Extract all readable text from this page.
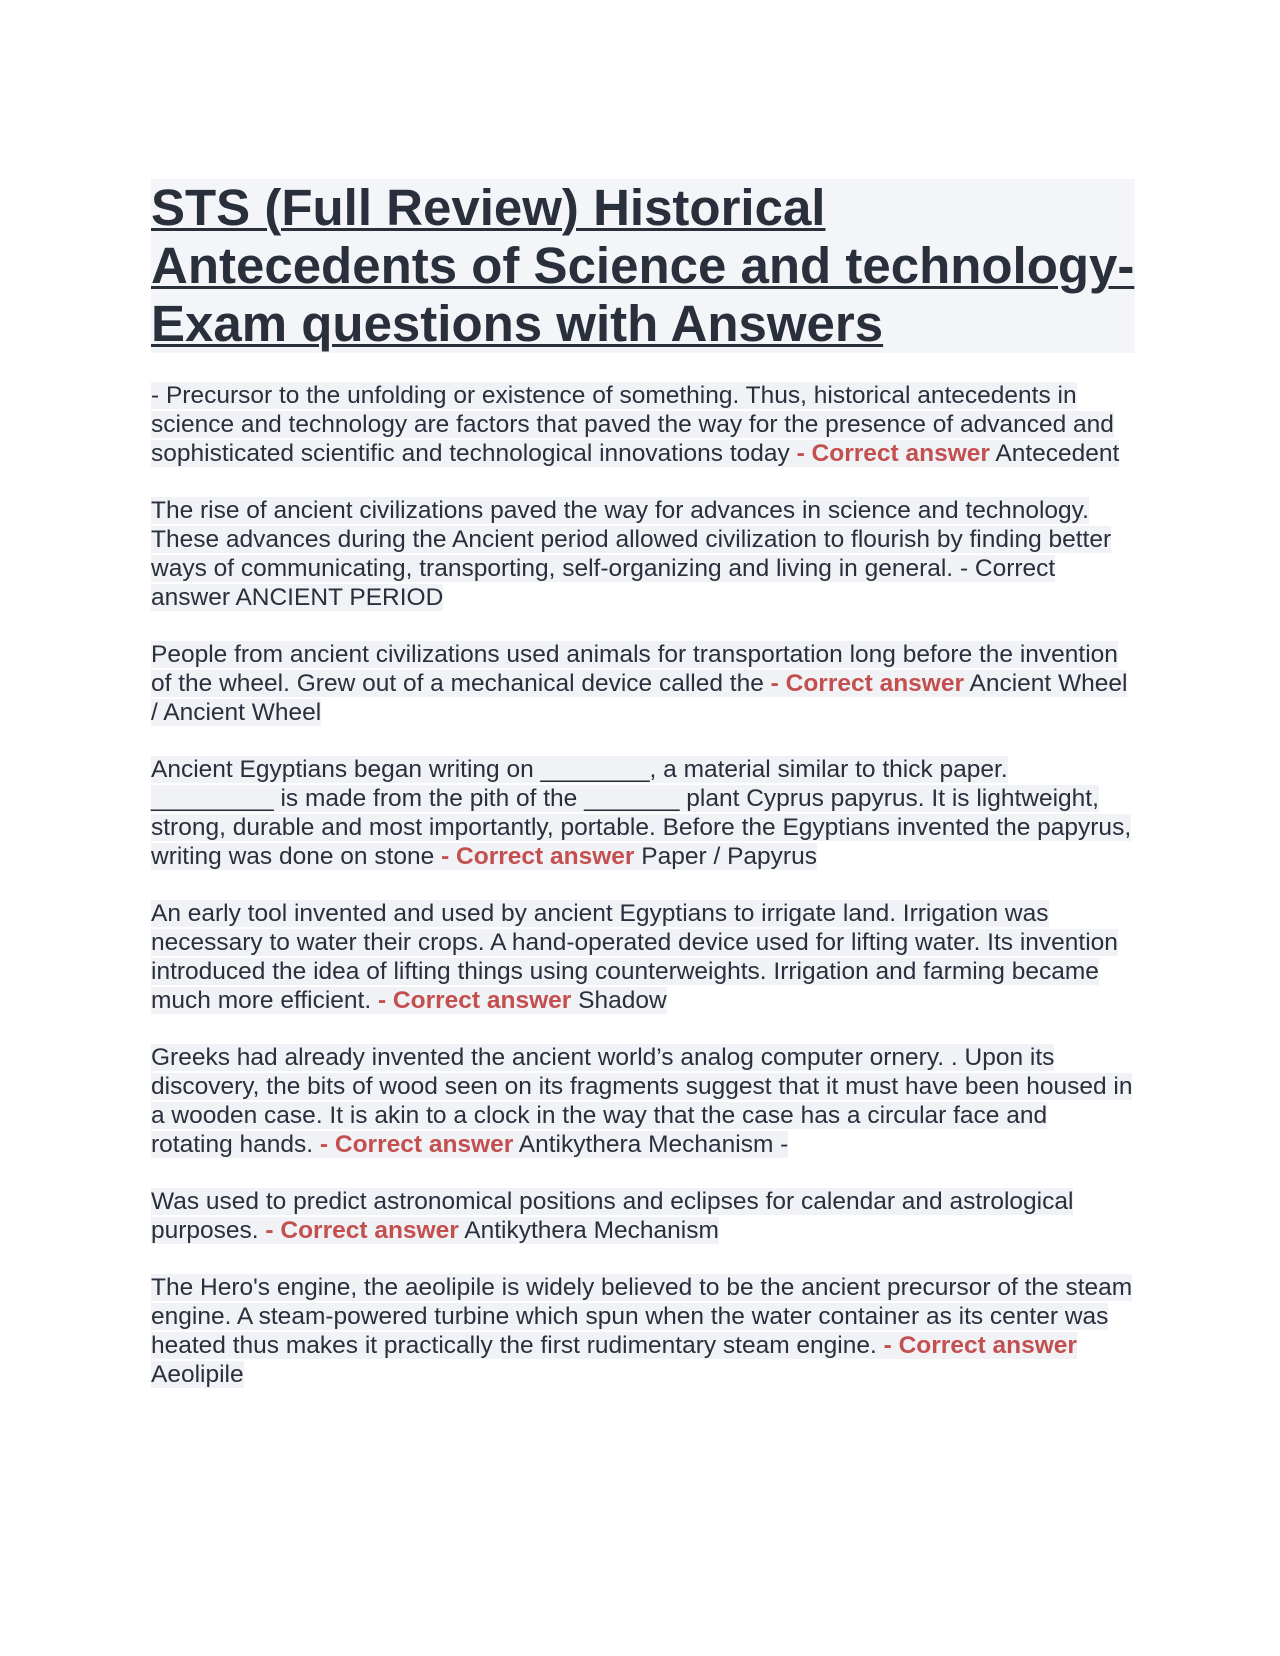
STS (Full Review) Historical Antecedents of Science and technology-Exam questions with Answers

- Precursor to the unfolding or existence of something. Thus, historical antecedents in science and technology are factors that paved the way for the presence of advanced and sophisticated scientific and technological innovations today - Correct answer Antecedent

The rise of ancient civilizations paved the way for advances in science and technology. These advances during the Ancient period allowed civilization to flourish by finding better ways of communicating, transporting, self-organizing and living in general. - Correct answer ANCIENT PERIOD

People from ancient civilizations used animals for transportation long before the invention of the wheel. Grew out of a mechanical device called the - Correct answer Ancient Wheel / Ancient Wheel

Ancient Egyptians began writing on ________, a material similar to thick paper. _________ is made from the pith of the _______ plant Cyprus papyrus. It is lightweight, strong, durable and most importantly, portable. Before the Egyptians invented the papyrus, writing was done on stone - Correct answer Paper / Papyrus

An early tool invented and used by ancient Egyptians to irrigate land. Irrigation was necessary to water their crops. A hand-operated device used for lifting water. Its invention introduced the idea of lifting things using counterweights. Irrigation and farming became much more efficient. - Correct answer Shadow

Greeks had already invented the ancient world’s analog computer ornery. . Upon its discovery, the bits of wood seen on its fragments suggest that it must have been housed in a wooden case. It is akin to a clock in the way that the case has a circular face and rotating hands. - Correct answer Antikythera Mechanism -

Was used to predict astronomical positions and eclipses for calendar and astrological purposes. - Correct answer Antikythera Mechanism

The Hero's engine, the aeolipile is widely believed to be the ancient precursor of the steam engine. A steam-powered turbine which spun when the water container as its center was heated thus makes it practically the first rudimentary steam engine. - Correct answer Aeolipile
